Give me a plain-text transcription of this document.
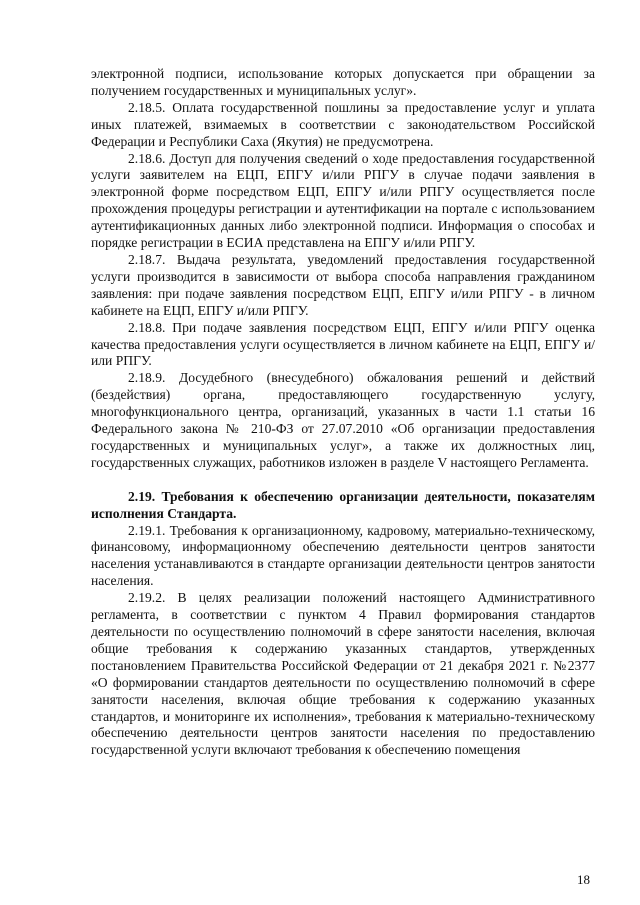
электронной подписи, использование которых допускается при обращении за получением государственных и муниципальных услуг».

2.18.5. Оплата государственной пошлины за предоставление услуг и уплата иных платежей, взимаемых в соответствии с законодательством Российской Федерации и Республики Саха (Якутия) не предусмотрена.

2.18.6. Доступ для получения сведений о ходе предоставления государственной услуги заявителем на ЕЦП, ЕПГУ и/или РПГУ в случае подачи заявления в электронной форме посредством ЕЦП, ЕПГУ и/или РПГУ осуществляется после прохождения процедуры регистрации и аутентификации на портале с использованием аутентификационных данных либо электронной подписи. Информация о способах и порядке регистрации в ЕСИА представлена на ЕПГУ и/или РПГУ.

2.18.7. Выдача результата, уведомлений предоставления государственной услуги производится в зависимости от выбора способа направления гражданином заявления: при подаче заявления посредством ЕЦП, ЕПГУ и/или РПГУ - в личном кабинете на ЕЦП, ЕПГУ и/или РПГУ.

2.18.8. При подаче заявления посредством ЕЦП, ЕПГУ и/или РПГУ оценка качества предоставления услуги осуществляется в личном кабинете на ЕЦП, ЕПГУ и/или РПГУ.

2.18.9. Досудебного (внесудебного) обжалования решений и действий (бездействия) органа, предоставляющего государственную услугу, многофункционального центра, организаций, указанных в части 1.1 статьи 16 Федерального закона № 210-ФЗ от 27.07.2010 «Об организации предоставления государственных и муниципальных услуг», а также их должностных лиц, государственных служащих, работников изложен в разделе V настоящего Регламента.

2.19. Требования к обеспечению организации деятельности, показателям исполнения Стандарта.

2.19.1. Требования к организационному, кадровому, материально-техническому, финансовому, информационному обеспечению деятельности центров занятости населения устанавливаются в стандарте организации деятельности центров занятости населения.

2.19.2. В целях реализации положений настоящего Административного регламента, в соответствии с пунктом 4 Правил формирования стандартов деятельности по осуществлению полномочий в сфере занятости населения, включая общие требования к содержанию указанных стандартов, утвержденных постановлением Правительства Российской Федерации от 21 декабря 2021 г. №2377 «О формировании стандартов деятельности по осуществлению полномочий в сфере занятости населения, включая общие требования к содержанию указанных стандартов, и мониторинге их исполнения», требования к материально-техническому обеспечению деятельности центров занятости населения по предоставлению государственной услуги включают требования к обеспечению помещения

18
